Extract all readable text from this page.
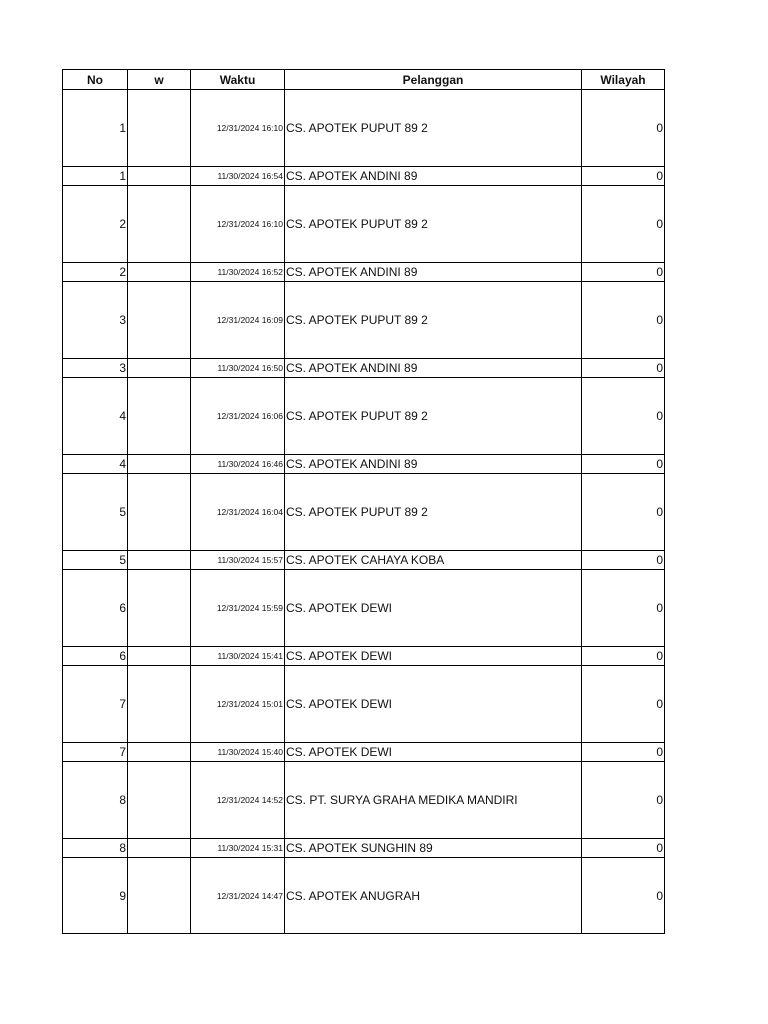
No	w	Waktu	Pelanggan	Wilayah
1		12/31/2024 16:10	CS. APOTEK PUPUT 89 2	0
1		11/30/2024 16:54	CS. APOTEK ANDINI 89	0
2		12/31/2024 16:10	CS. APOTEK PUPUT 89 2	0
2		11/30/2024 16:52	CS. APOTEK ANDINI 89	0
3		12/31/2024 16:09	CS. APOTEK PUPUT 89 2	0
3		11/30/2024 16:50	CS. APOTEK ANDINI 89	0
4		12/31/2024 16:06	CS. APOTEK PUPUT 89 2	0
4		11/30/2024 16:46	CS. APOTEK ANDINI 89	0
5		12/31/2024 16:04	CS. APOTEK PUPUT 89 2	0
5		11/30/2024 15:57	CS. APOTEK CAHAYA KOBA	0
6		12/31/2024 15:59	CS. APOTEK DEWI	0
6		11/30/2024 15:41	CS. APOTEK DEWI	0
7		12/31/2024 15:01	CS. APOTEK DEWI	0
7		11/30/2024 15:40	CS. APOTEK DEWI	0
8		12/31/2024 14:52	CS. PT. SURYA GRAHA MEDIKA MANDIRI	0
8		11/30/2024 15:31	CS. APOTEK SUNGHIN 89	0
9		12/31/2024 14:47	CS. APOTEK ANUGRAH	0
